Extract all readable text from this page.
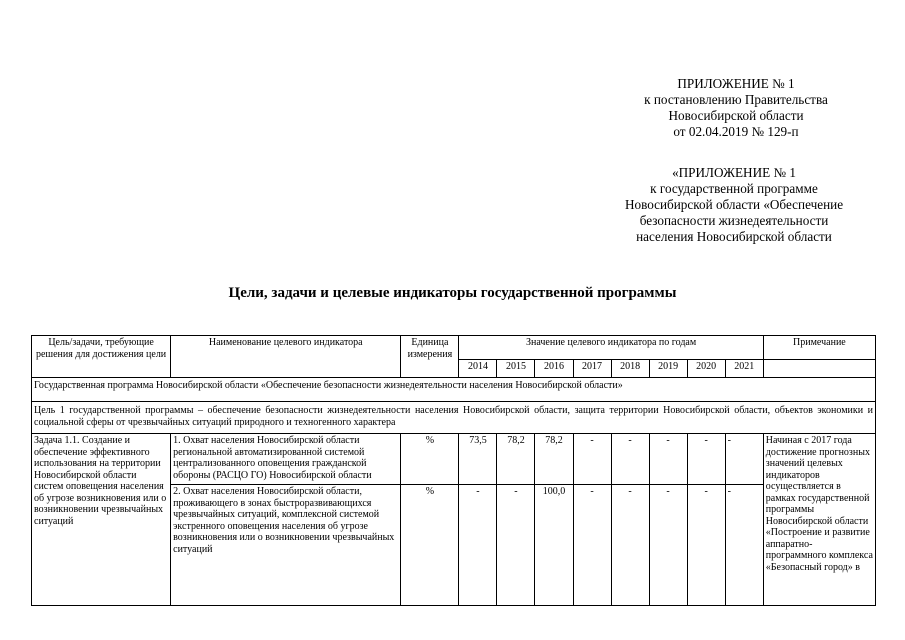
ПРИЛОЖЕНИЕ № 1
к постановлению Правительства
Новосибирской области
от 02.04.2019 № 129-п
«ПРИЛОЖЕНИЕ № 1
к государственной программе
Новосибирской области «Обеспечение
безопасности жизнедеятельности
населения Новосибирской области
Цели, задачи и целевые индикаторы государственной программы
Цель/задачи, требующие решения для достижения цели	Наименование целевого индикатора	Единица измерения	Значение целевого индикатора по годам								Примечание
			2014	2015	2016	2017	2018	2019	2020	2021	
Государственная программа Новосибирской области «Обеспечение безопасности жизнедеятельности населения Новосибирской области»											
Цель 1 государственной программы – обеспечение безопасности жизнедеятельности населения Новосибирской области, защита территории Новосибирской области, объектов экономики и социальной сферы от чрезвычайных ситуаций природного и техногенного характера											
Задача 1.1. Создание и обеспечение эффективного использования на территории Новосибирской области систем оповещения населения об угрозе возникновения или о возникновении чрезвычайных ситуаций	1. Охват населения Новосибирской области региональной автоматизированной системой централизованного оповещения гражданской обороны (РАСЦО ГО) Новосибирской области	%	73,5	78,2	78,2	-	-	-	-	-	Начиная с 2017 года достижение прогнозных значений целевых индикаторов осуществляется в рамках государственной программы Новосибирской области «Построение и развитие аппаратно-программного комплекса «Безопасный город» в
	2. Охват населения Новосибирской области, проживающего в зонах быстроразвивающихся чрезвычайных ситуаций, комплексной системой экстренного оповещения населения об угрозе возникновения или о возникновении чрезвычайных ситуаций	%	-	-	100,0	-	-	-	-	-	
